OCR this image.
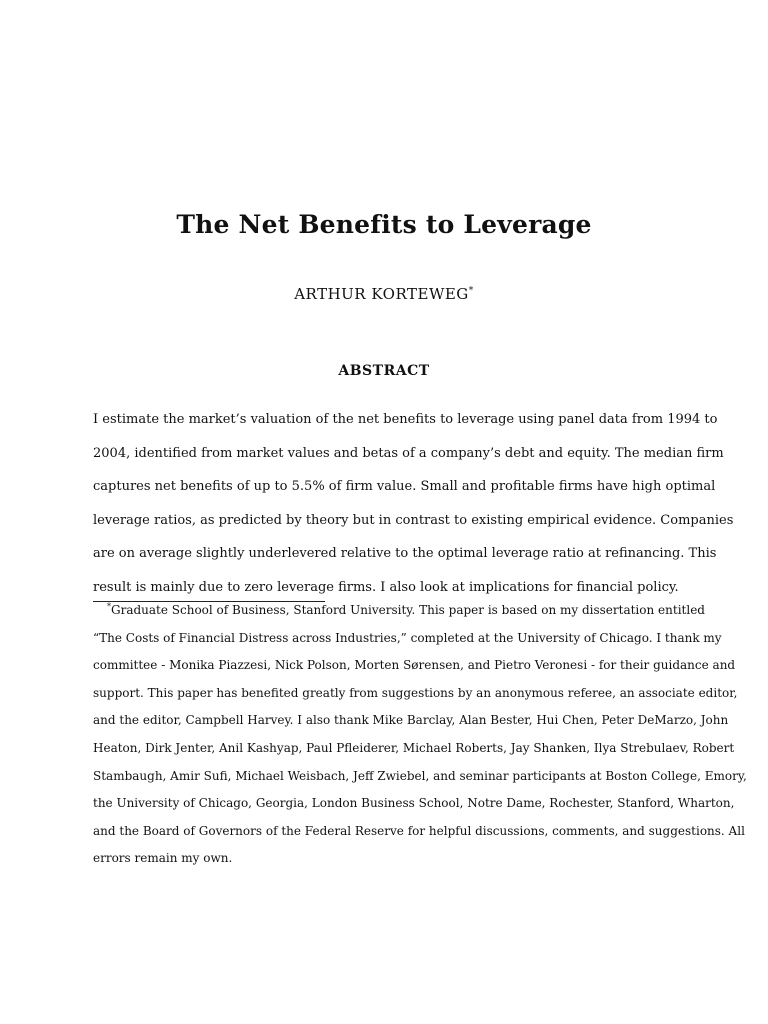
The Net Benefits to Leverage
ARTHUR KORTEWEG*
ABSTRACT

I estimate the market’s valuation of the net benefits to leverage using panel data from 1994 to
2004, identified from market values and betas of a company’s debt and equity. The median firm
captures net benefits of up to 5.5% of firm value. Small and profitable firms have high optimal
leverage ratios, as predicted by theory but in contrast to existing empirical evidence. Companies
are on average slightly underlevered relative to the optimal leverage ratio at refinancing. This
result is mainly due to zero leverage firms. I also look at implications for financial policy.

*Graduate School of Business, Stanford University. This paper is based on my dissertation entitled
“The Costs of Financial Distress across Industries,” completed at the University of Chicago. I thank my
committee - Monika Piazzesi, Nick Polson, Morten Sørensen, and Pietro Veronesi - for their guidance and
support. This paper has benefited greatly from suggestions by an anonymous referee, an associate editor,
and the editor, Campbell Harvey. I also thank Mike Barclay, Alan Bester, Hui Chen, Peter DeMarzo, John
Heaton, Dirk Jenter, Anil Kashyap, Paul Pfleiderer, Michael Roberts, Jay Shanken, Ilya Strebulaev, Robert
Stambaugh, Amir Sufi, Michael Weisbach, Jeff Zwiebel, and seminar participants at Boston College, Emory,
the University of Chicago, Georgia, London Business School, Notre Dame, Rochester, Stanford, Wharton,
and the Board of Governors of the Federal Reserve for helpful discussions, comments, and suggestions. All
errors remain my own.
